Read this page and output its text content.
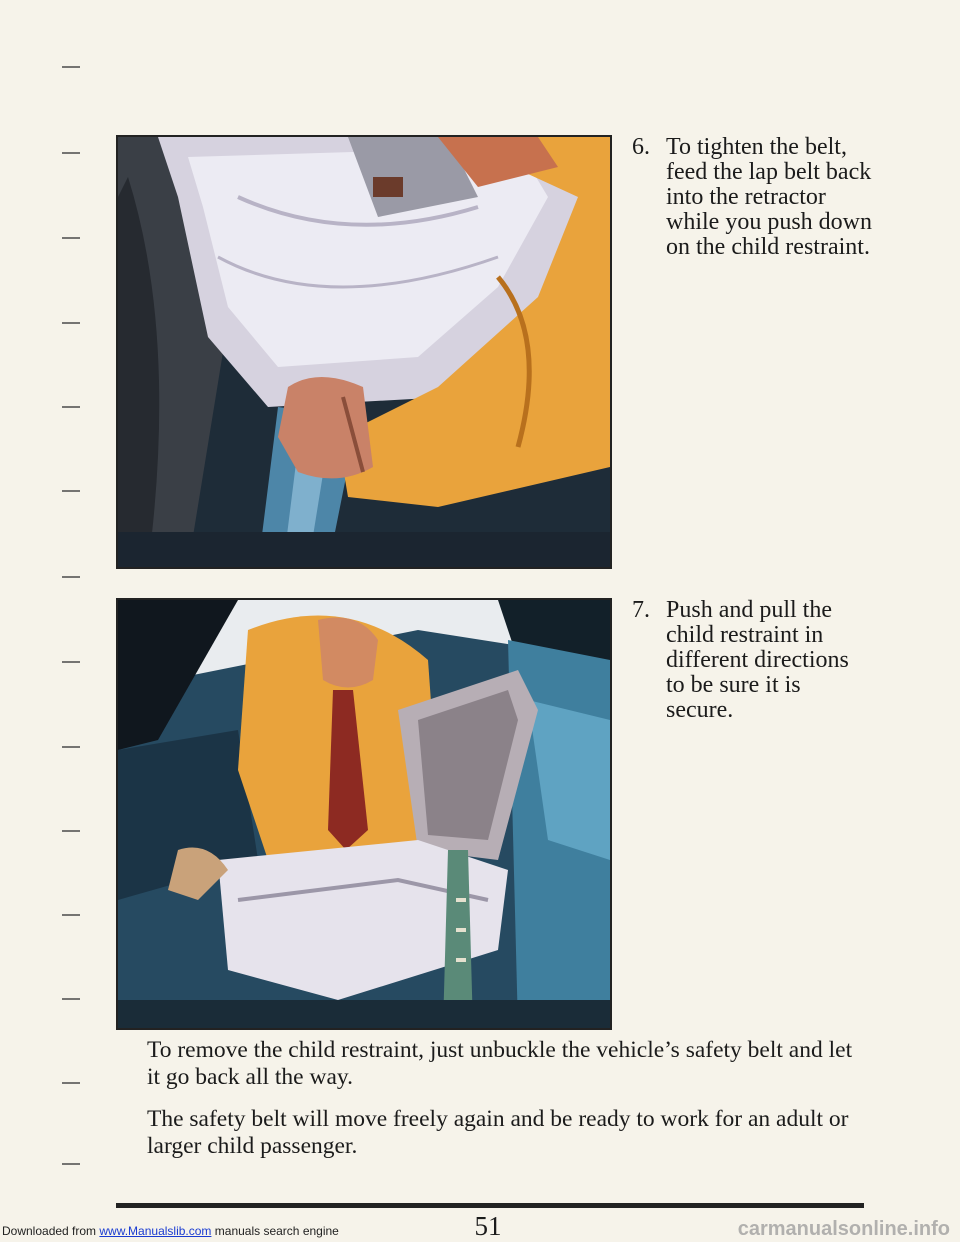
6. To tighten the belt, feed the lap belt back into the retractor while you push down on the child restraint.
7. Push and pull the child restraint in different directions to be sure it is secure.

To remove the child restraint, just unbuckle the vehicle’s safety belt and let it go back all the way.

The safety belt will move freely again and be ready to work for an adult or larger child passenger.

51
Downloaded from www.Manualslib.com manuals search engine	carmanualsonline.info
